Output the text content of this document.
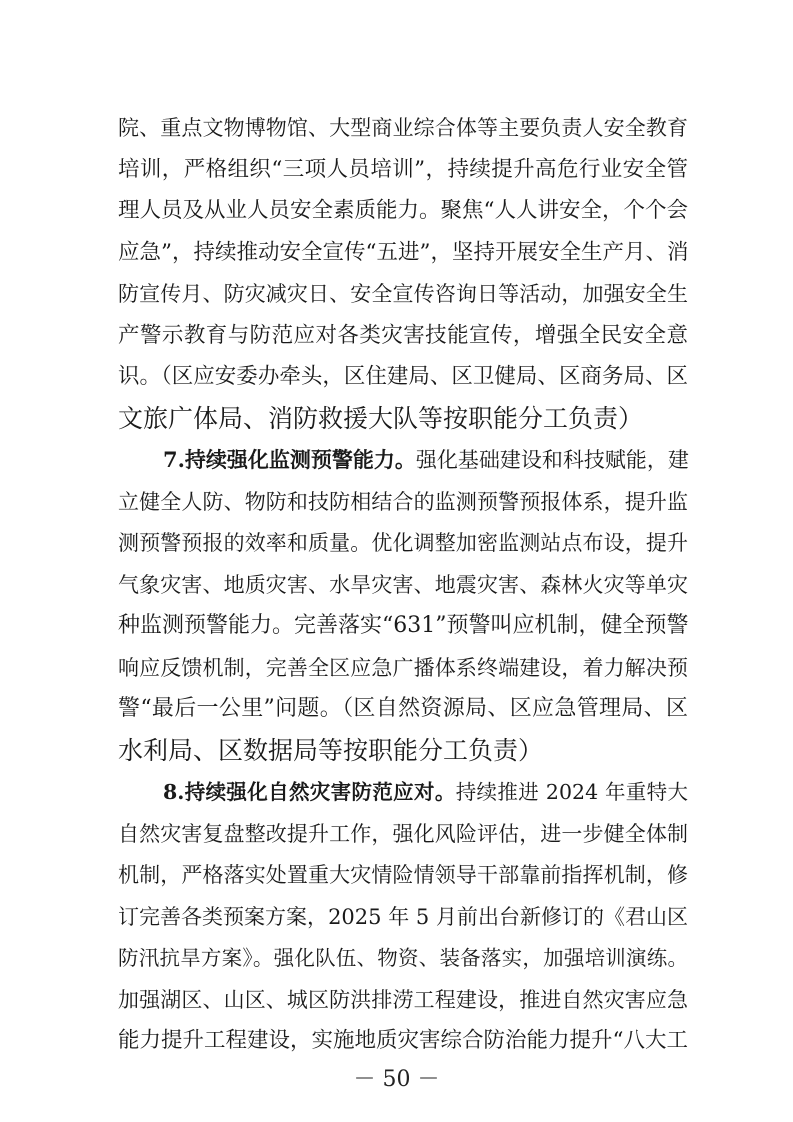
院、重点文物博物馆、大型商业综合体等主要负责人安全教育
培训，严格组织“三项人员培训”，持续提升高危行业安全管
理人员及从业人员安全素质能力。聚焦“人人讲安全，个个会
应急”，持续推动安全宣传“五进”，坚持开展安全生产月、消
防宣传月、防灾减灾日、安全宣传咨询日等活动，加强安全生
产警示教育与防范应对各类灾害技能宣传，增强全民安全意
识。（区应安委办牵头，区住建局、区卫健局、区商务局、区
文旅广体局、消防救援大队等按职能分工负责）
7.持续强化监测预警能力。强化基础建设和科技赋能，建
立健全人防、物防和技防相结合的监测预警预报体系，提升监
测预警预报的效率和质量。优化调整加密监测站点布设，提升
气象灾害、地质灾害、水旱灾害、地震灾害、森林火灾等单灾
种监测预警能力。完善落实“631”预警叫应机制，健全预警
响应反馈机制，完善全区应急广播体系终端建设，着力解决预
警“最后一公里”问题。（区自然资源局、区应急管理局、区
水利局、区数据局等按职能分工负责）
8.持续强化自然灾害防范应对。持续推进 2024 年重特大
自然灾害复盘整改提升工作，强化风险评估，进一步健全体制
机制，严格落实处置重大灾情险情领导干部靠前指挥机制，修
订完善各类预案方案，2025 年 5 月前出台新修订的《君山区
防汛抗旱方案》。强化队伍、物资、装备落实，加强培训演练。
加强湖区、山区、城区防洪排涝工程建设，推进自然灾害应急
能力提升工程建设，实施地质灾害综合防治能力提升“八大工
－ 50 －
